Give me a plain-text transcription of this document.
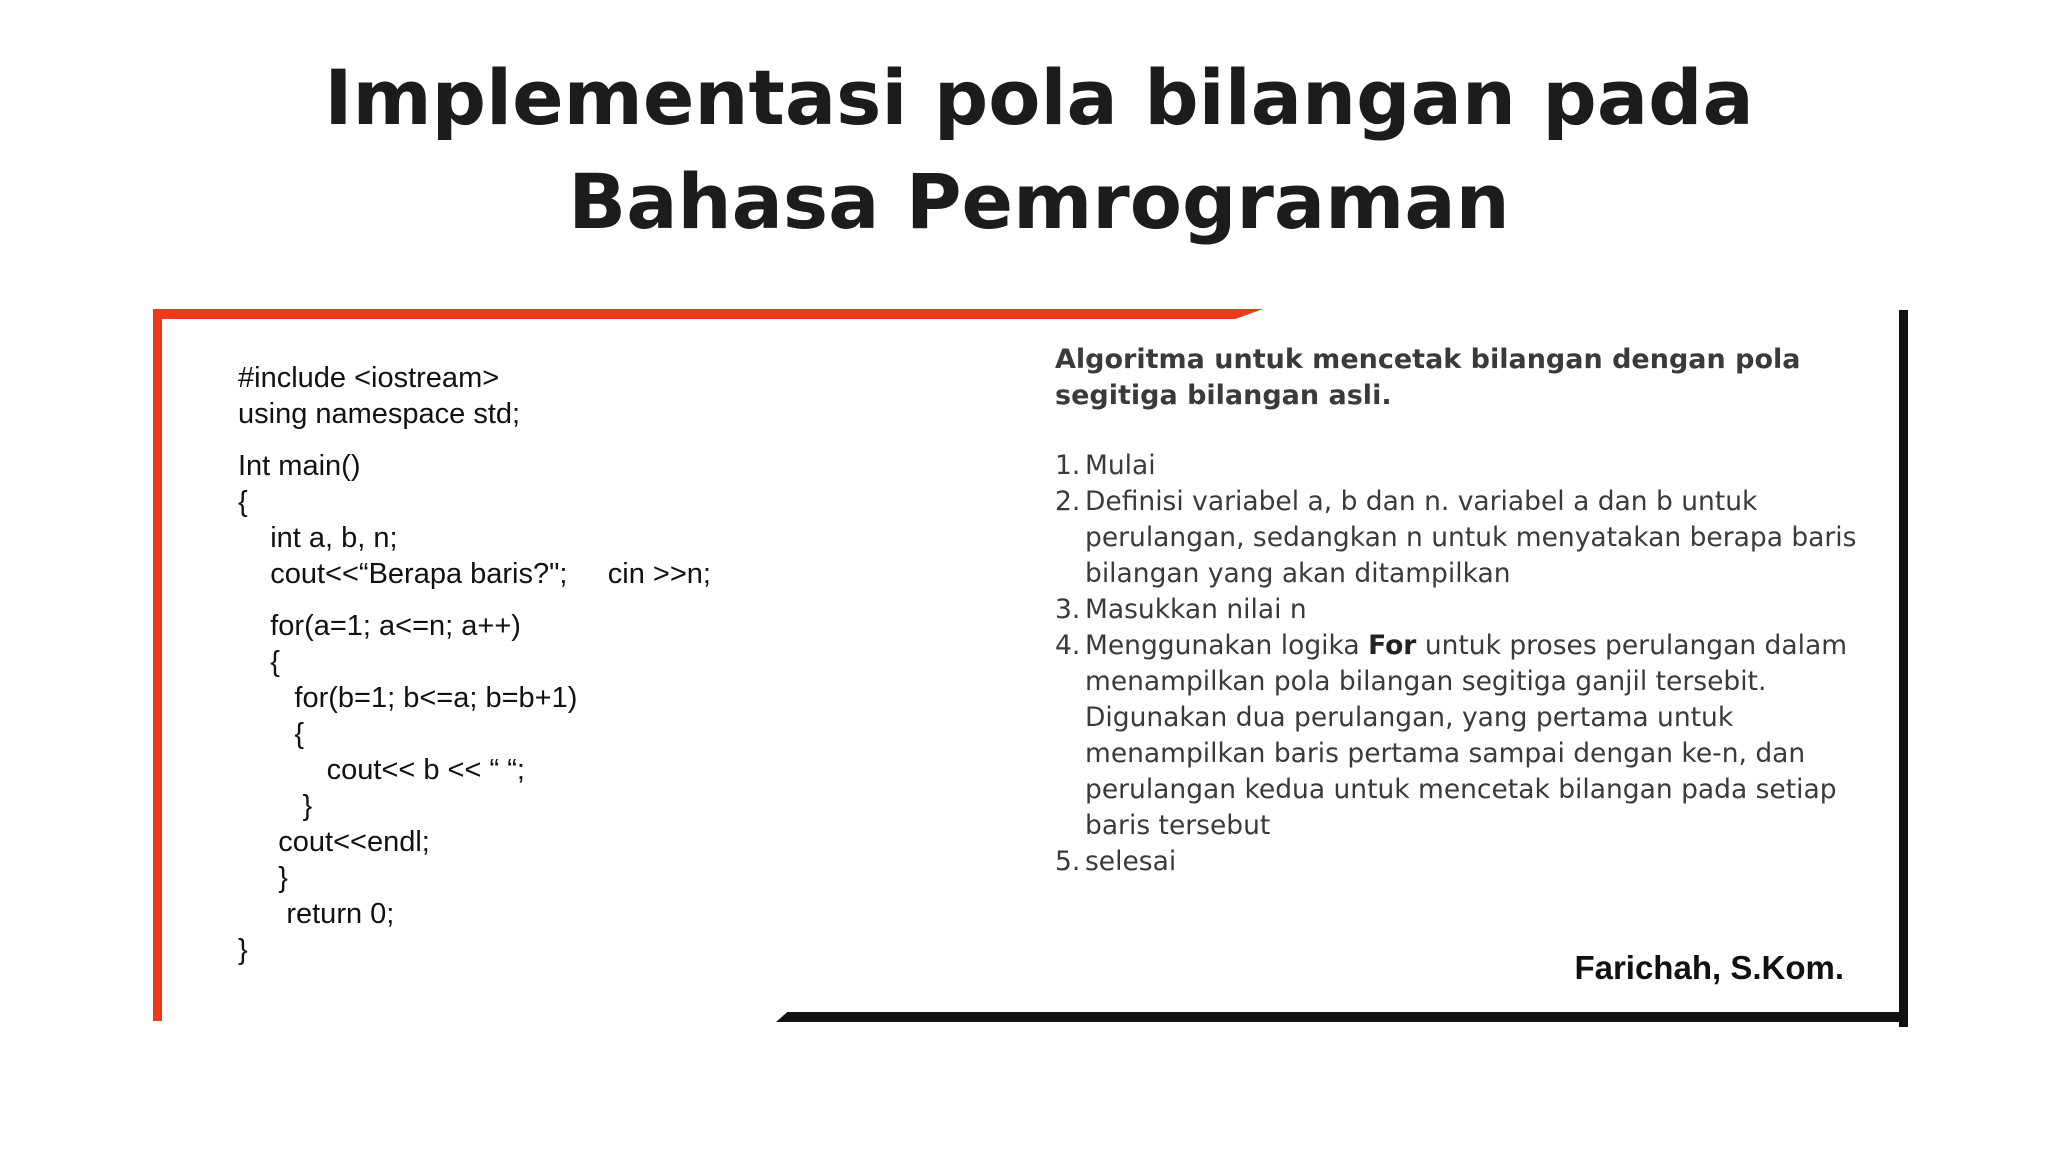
Implementasi pola bilangan pada
Bahasa Pemrograman
#include <iostream>
using namespace std;
Int main()
{
int a, b, n;
cout<<“Berapa baris?";     cin >>n;
for(a=1; a<=n; a++)
{
for(b=1; b<=a; b=b+1)
{
cout<< b << “ “;
}
cout<<endl;
}
return 0;
}

Algoritma untuk mencetak bilangan dengan pola segitiga bilangan asli.

1. Mulai
2. Definisi variabel a, b dan n. variabel a dan b untuk perulangan, sedangkan n untuk menyatakan berapa baris bilangan yang akan ditampilkan
3. Masukkan nilai n
4. Menggunakan logika For untuk proses perulangan dalam menampilkan pola bilangan segitiga ganjil tersebit. Digunakan dua perulangan, yang pertama untuk menampilkan baris pertama sampai dengan ke-n, dan perulangan kedua untuk mencetak bilangan pada setiap baris tersebut
5. selesai
Farichah, S.Kom.
